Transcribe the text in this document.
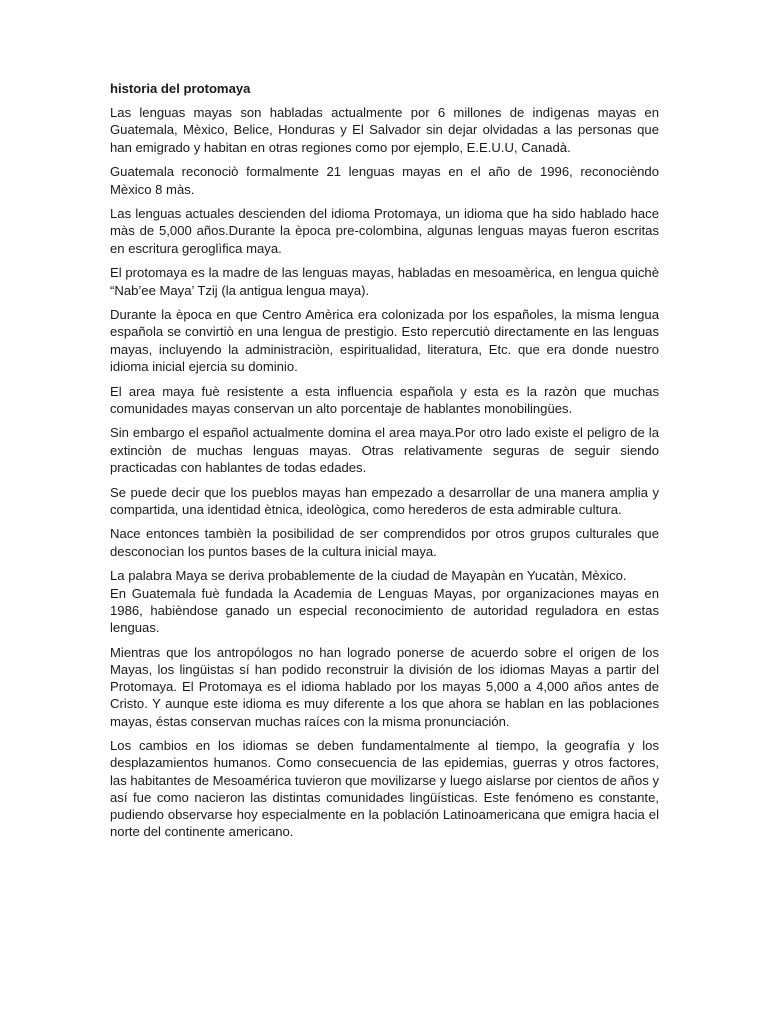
historia del protomaya

Las lenguas mayas son habladas actualmente por 6 millones de indìgenas mayas en Guatemala, Mèxico, Belice, Honduras y El Salvador sin dejar olvidadas a las personas que han emigrado y habitan en otras regiones como por ejemplo, E.E.U.U, Canadà.

Guatemala reconociò formalmente 21 lenguas mayas en el año de 1996, reconocièndo Mèxico 8 màs.

Las lenguas actuales descienden del idioma Protomaya, un idioma que ha sido hablado hace màs de 5,000 años.Durante la època pre-colombina, algunas lenguas mayas fueron escritas en escritura geroglìfica maya.

El protomaya es la madre de las lenguas mayas, habladas en mesoamèrica, en lengua quichè “Nab’ee Maya’ Tzij (la antigua lengua maya).

Durante la època en que Centro Amèrica era colonizada por los españoles, la misma lengua española se convirtiò en una lengua de prestigio. Esto repercutiò directamente en las lenguas mayas, incluyendo la administraciòn, espiritualidad, literatura, Etc. que era donde nuestro idioma inicial ejercia su dominio.

El area maya fuè resistente a esta influencia española y esta es la razòn que muchas comunidades mayas conservan un alto porcentaje de hablantes monobilingües.

Sin embargo el español actualmente domina el area maya.Por otro lado existe el peligro de la extinciòn de muchas lenguas mayas. Otras relativamente seguras de seguir siendo practicadas con hablantes de todas edades.

Se puede decir que los pueblos mayas han empezado a desarrollar de una manera amplia y compartida, una identidad ètnica, ideològica, como herederos de esta admirable cultura.

Nace entonces tambièn la posibilidad de ser comprendidos por otros grupos culturales que desconocìan los puntos bases de la cultura inicial maya.

La palabra Maya se deriva probablemente de la ciudad de Mayapàn en Yucatàn, Mèxico.
En Guatemala fuè fundada la Academia de Lenguas Mayas, por organizaciones mayas en 1986, habièndose ganado un especial reconocimiento de autoridad reguladora en estas lenguas.

Mientras que los antropólogos no han logrado ponerse de acuerdo sobre el origen de los Mayas, los lingüistas sí han podido reconstruir la división de los idiomas Mayas a partir del Protomaya. El Protomaya es el idioma hablado por los mayas 5,000 a 4,000 años antes de Cristo. Y aunque este idioma es muy diferente a los que ahora se hablan en las poblaciones mayas, éstas conservan muchas raíces con la misma pronunciación.

Los cambios en los idiomas se deben fundamentalmente al tiempo, la geografía y los desplazamientos humanos. Como consecuencia de las epidemias, guerras y otros factores, las habitantes de Mesoamérica tuvieron que movilizarse y luego aislarse por cientos de años y así fue como nacieron las distintas comunidades lingüísticas. Este fenómeno es constante, pudiendo observarse hoy especialmente en la población Latinoamericana que emigra hacia el norte del continente americano.
